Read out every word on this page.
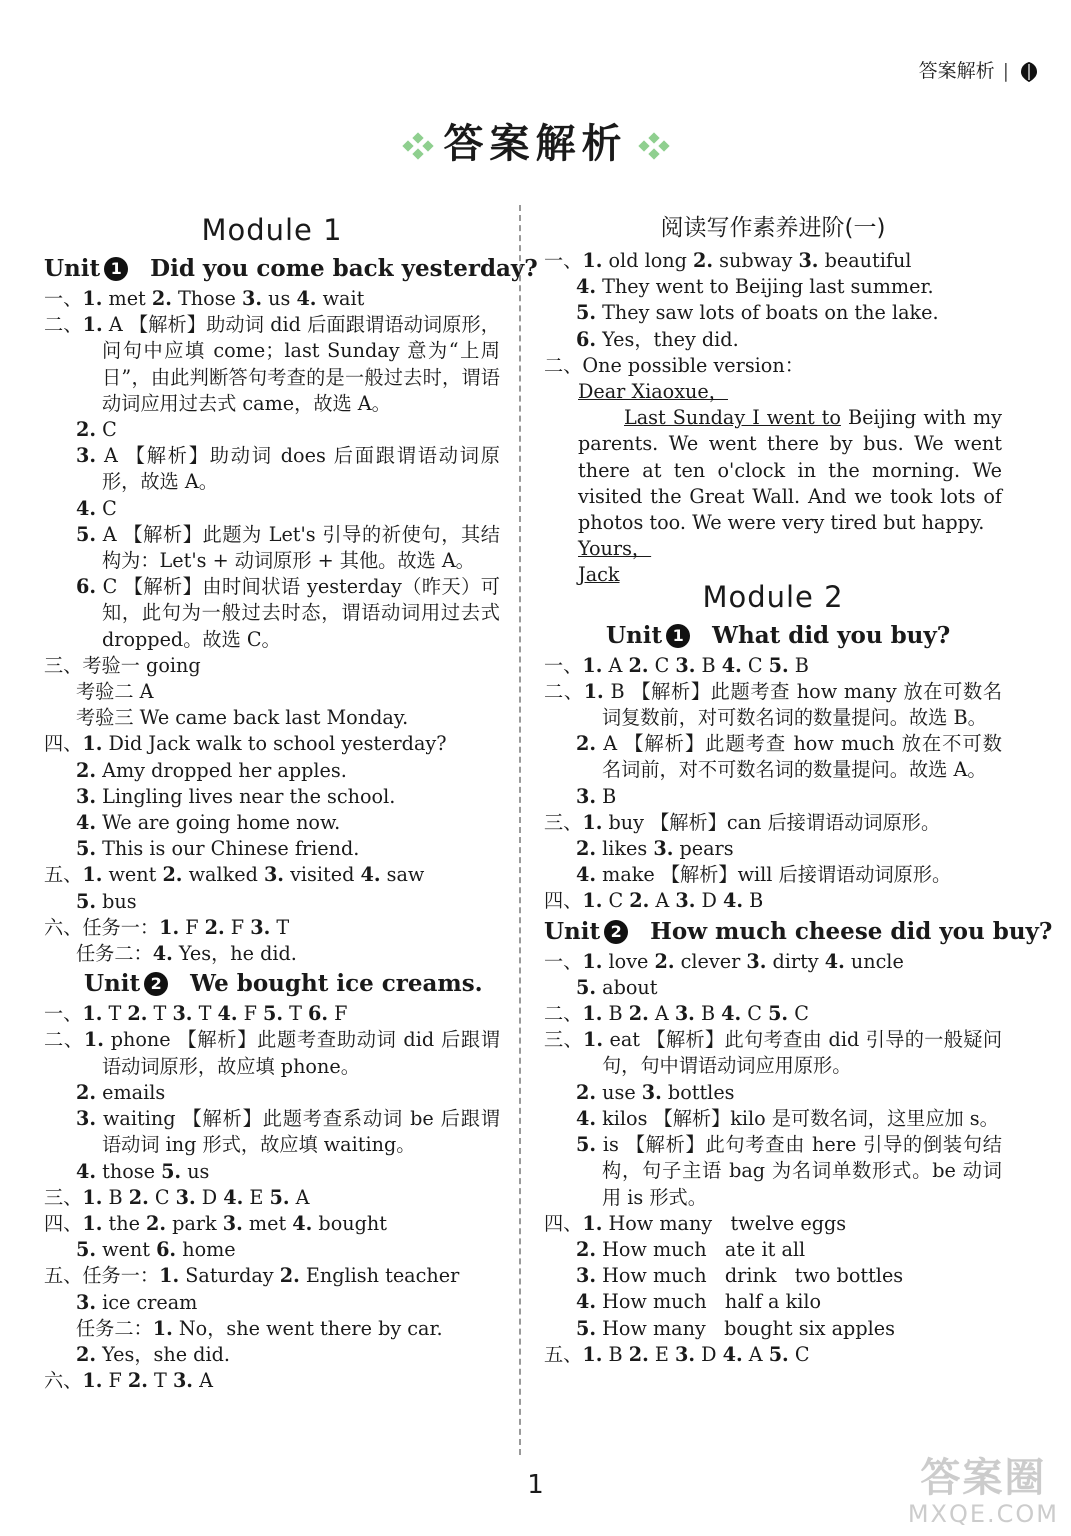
答案解析 |
答案解析
Module 1
Unit 1 Did you come back yesterday?
一、1. met 2. Those 3. us 4. wait
二、1. A 【解析】助动词 did 后面跟谓语动词原形，问句中应填 come；last Sunday 意为“上周日”，由此判断答句考查的是一般过去时，谓语动词应用过去式 came，故选 A。
2. C
3. A 【解析】助动词 does 后面跟谓语动词原形，故选 A。
4. C
5. A 【解析】此题为 Let's 引导的祈使句，其结构为：Let's + 动词原形 + 其他。故选 A。
6. C 【解析】由时间状语 yesterday（昨天）可知，此句为一般过去时态，谓语动词用过去式 dropped。故选 C。
三、考验一 going
考验二 A
考验三 We came back last Monday.
四、1. Did Jack walk to school yesterday?
2. Amy dropped her apples.
3. Lingling lives near the school.
4. We are going home now.
5. This is our Chinese friend.
五、1. went 2. walked 3. visited 4. saw
5. bus
六、任务一：1. F 2. F 3. T
任务二：4. Yes，he did.
Unit 2 We bought ice creams.
一、1. T 2. T 3. T 4. F 5. T 6. F
二、1. phone 【解析】此题考查助动词 did 后跟谓语动词原形，故应填 phone。
2. emails
3. waiting 【解析】此题考查系动词 be 后跟谓语动词 ing 形式，故应填 waiting。
4. those 5. us
三、1. B 2. C 3. D 4. E 5. A
四、1. the 2. park 3. met 4. bought
5. went 6. home
五、任务一：1. Saturday 2. English teacher
3. ice cream
任务二：1. No，she went there by car.
2. Yes，she did.
六、1. F 2. T 3. A
阅读写作素养进阶(一)
一、1. old long 2. subway 3. beautiful
4. They went to Beijing last summer.
5. They saw lots of boats on the lake.
6. Yes，they did.
二、One possible version：
Dear Xiaoxue，
Last Sunday I went to Beijing with my parents. We went there by bus. We went there at ten o'clock in the morning. We visited the Great Wall. And we took lots of photos too. We were very tired but happy.
Yours，
Jack
Module 2
Unit 1 What did you buy?
一、1. A 2. C 3. B 4. C 5. B
二、1. B 【解析】此题考查 how many 放在可数名词复数前，对可数名词的数量提问。故选 B。
2. A 【解析】此题考查 how much 放在不可数名词前，对不可数名词的数量提问。故选 A。
3. B
三、1. buy 【解析】can 后接谓语动词原形。
2. likes 3. pears
4. make 【解析】will 后接谓语动词原形。
四、1. C 2. A 3. D 4. B
Unit 2 How much cheese did you buy?
一、1. love 2. clever 3. dirty 4. uncle
5. about
二、1. B 2. A 3. B 4. C 5. C
三、1. eat 【解析】此句考查由 did 引导的一般疑问句，句中谓语动词应用原形。
2. use 3. bottles
4. kilos 【解析】kilo 是可数名词，这里应加 s。
5. is 【解析】此句考查由 here 引导的倒装句结构，句子主语 bag 为名词单数形式。be 动词用 is 形式。
四、1. How many   twelve eggs
2. How much   ate it all
3. How much   drink   two bottles
4. How much   half a kilo
5. How many   bought six apples
五、1. B 2. E 3. D 4. A 5. C
1	答案圈
MXQE.COM
